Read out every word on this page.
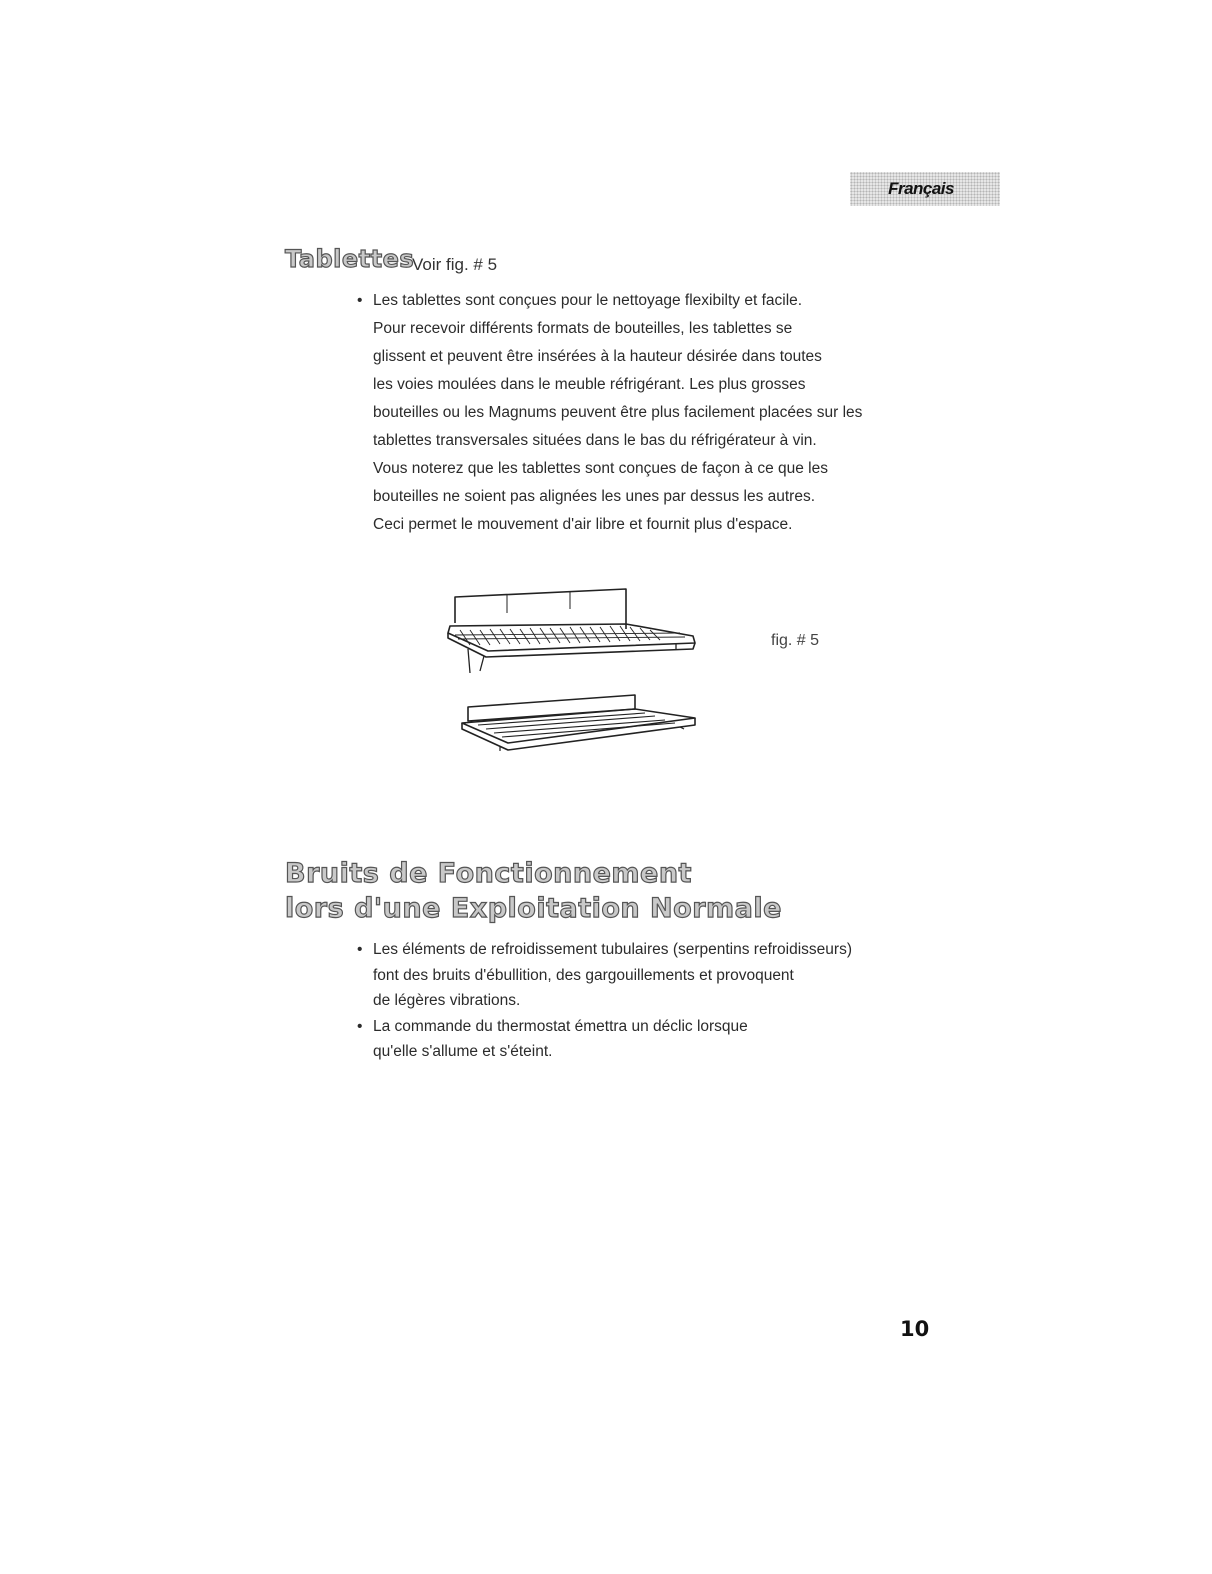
Français
Tablettes
Voir fig. # 5
• Les tablettes sont conçues pour le nettoyage flexibilty et facile.
Pour recevoir différents formats de bouteilles, les tablettes se
glissent et peuvent être insérées à la hauteur désirée dans toutes
les voies moulées dans le meuble réfrigérant. Les plus grosses
bouteilles ou les Magnums peuvent être plus facilement placées sur les
tablettes transversales situées dans le bas du réfrigérateur à vin.
Vous noterez que les tablettes sont conçues de façon à ce que les
bouteilles ne soient pas alignées les unes par dessus les autres.
Ceci permet le mouvement d'air libre et fournit plus d'espace.
fig. # 5
Bruits de Fonctionnement
lors d'une Exploitation Normale
• Les éléments de refroidissement tubulaires (serpentins refroidisseurs)
font des bruits d'ébullition, des gargouillements et provoquent
de légères vibrations.
• La commande du thermostat émettra un déclic lorsque
qu'elle s'allume et s'éteint.
10
